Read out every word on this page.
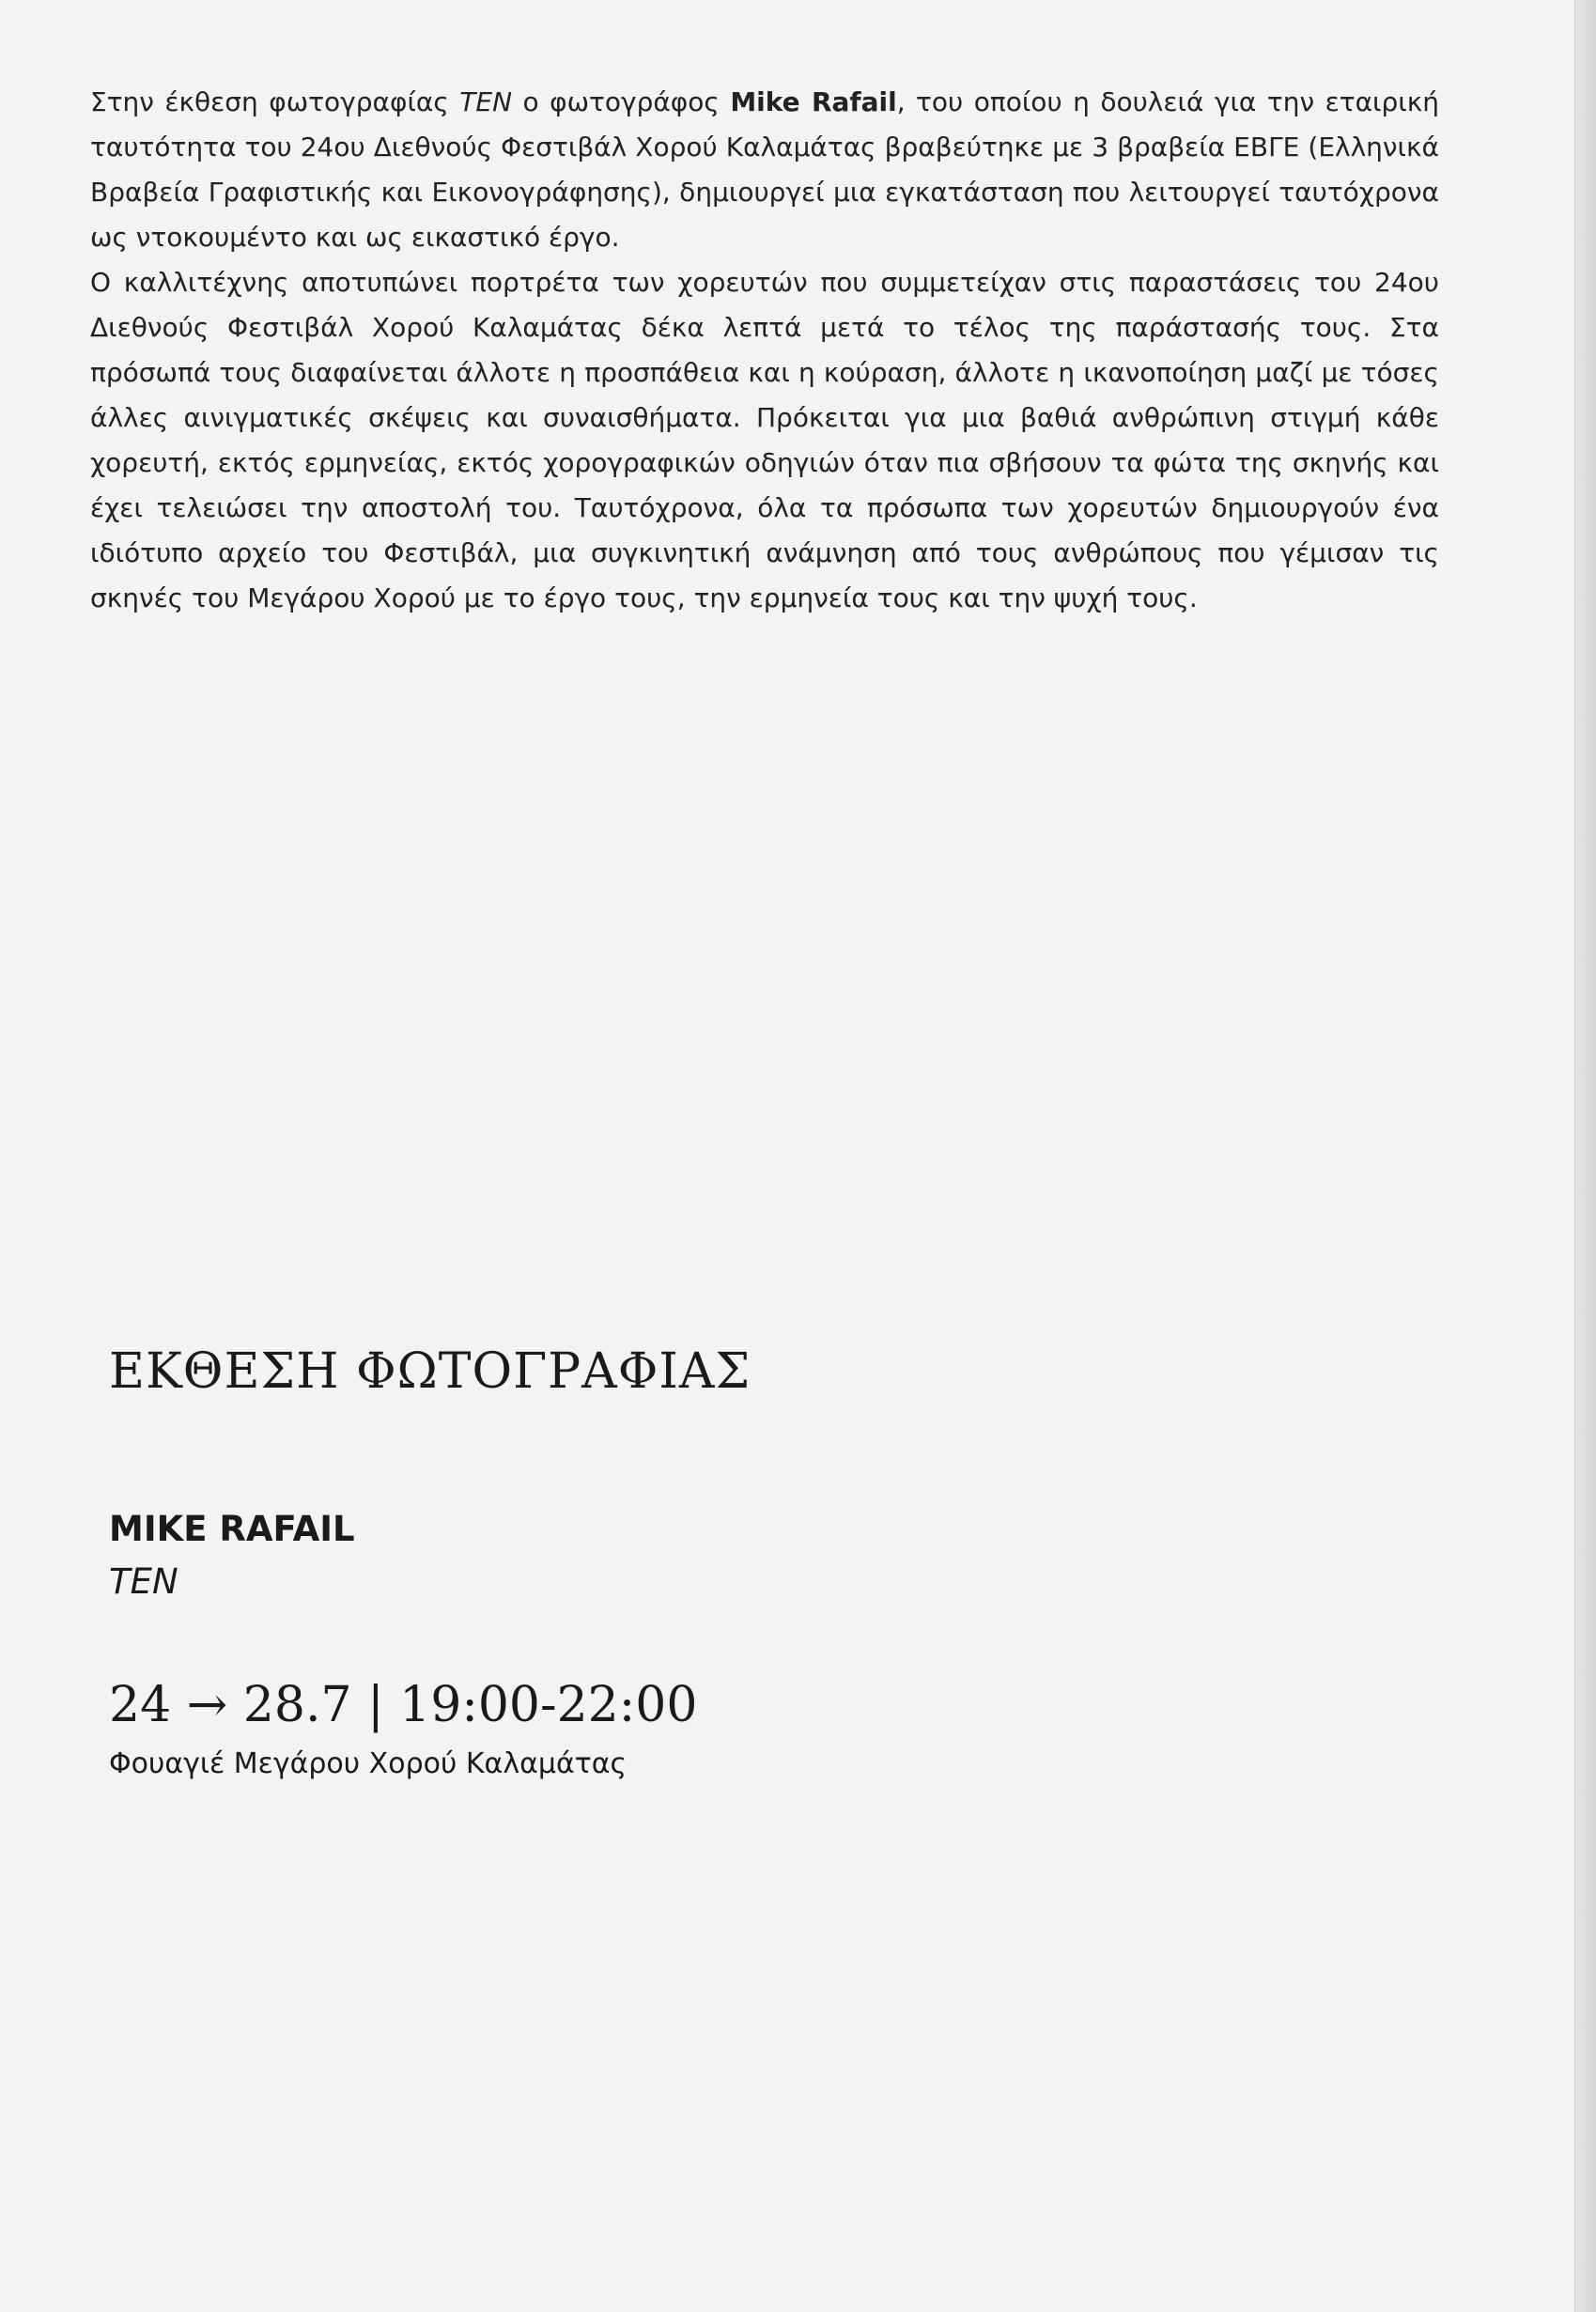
Στην έκθεση φωτογραφίας TEN ο φωτογράφος Mike Rafail, του οποίου η δουλειά για την εταιρική ταυτότητα του 24ου Διεθνούς Φεστιβάλ Χορού Καλαμάτας βραβεύτηκε με 3 βραβεία ΕΒΓΕ (Ελληνικά Βραβεία Γραφιστικής και Εικονογράφησης), δημιουργεί μια εγκατάσταση που λειτουργεί ταυτόχρονα ως ντοκουμέντο και ως εικαστικό έργο.

Ο καλλιτέχνης αποτυπώνει πορτρέτα των χορευτών που συμμετείχαν στις παραστάσεις του 24ου Διεθνούς Φεστιβάλ Χορού Καλαμάτας δέκα λεπτά μετά το τέλος της παράστασής τους. Στα πρόσωπά τους διαφαίνεται άλλοτε η προσπάθεια και η κούραση, άλλοτε η ικανοποίηση μαζί με τόσες άλλες αινιγματικές σκέψεις και συναισθήματα. Πρόκειται για μια βαθιά ανθρώπινη στιγμή κάθε χορευτή, εκτός ερμηνείας, εκτός χορογραφικών οδηγιών όταν πια σβήσουν τα φώτα της σκηνής και έχει τελειώσει την αποστολή του. Ταυτόχρονα, όλα τα πρόσωπα των χορευτών δημιουργούν ένα ιδιότυπο αρχείο του Φεστιβάλ, μια συγκινητική ανάμνηση από τους ανθρώπους που γέμισαν τις σκηνές του Μεγάρου Χορού με το έργο τους, την ερμηνεία τους και την ψυχή τους.

ΕΚΘΕΣΗ ΦΩΤΟΓΡΑΦΙΑΣ
MIKE RAFAIL
TEN
24 → 28.7 | 19:00-22:00
Φουαγιέ Μεγάρου Χορού Καλαμάτας
